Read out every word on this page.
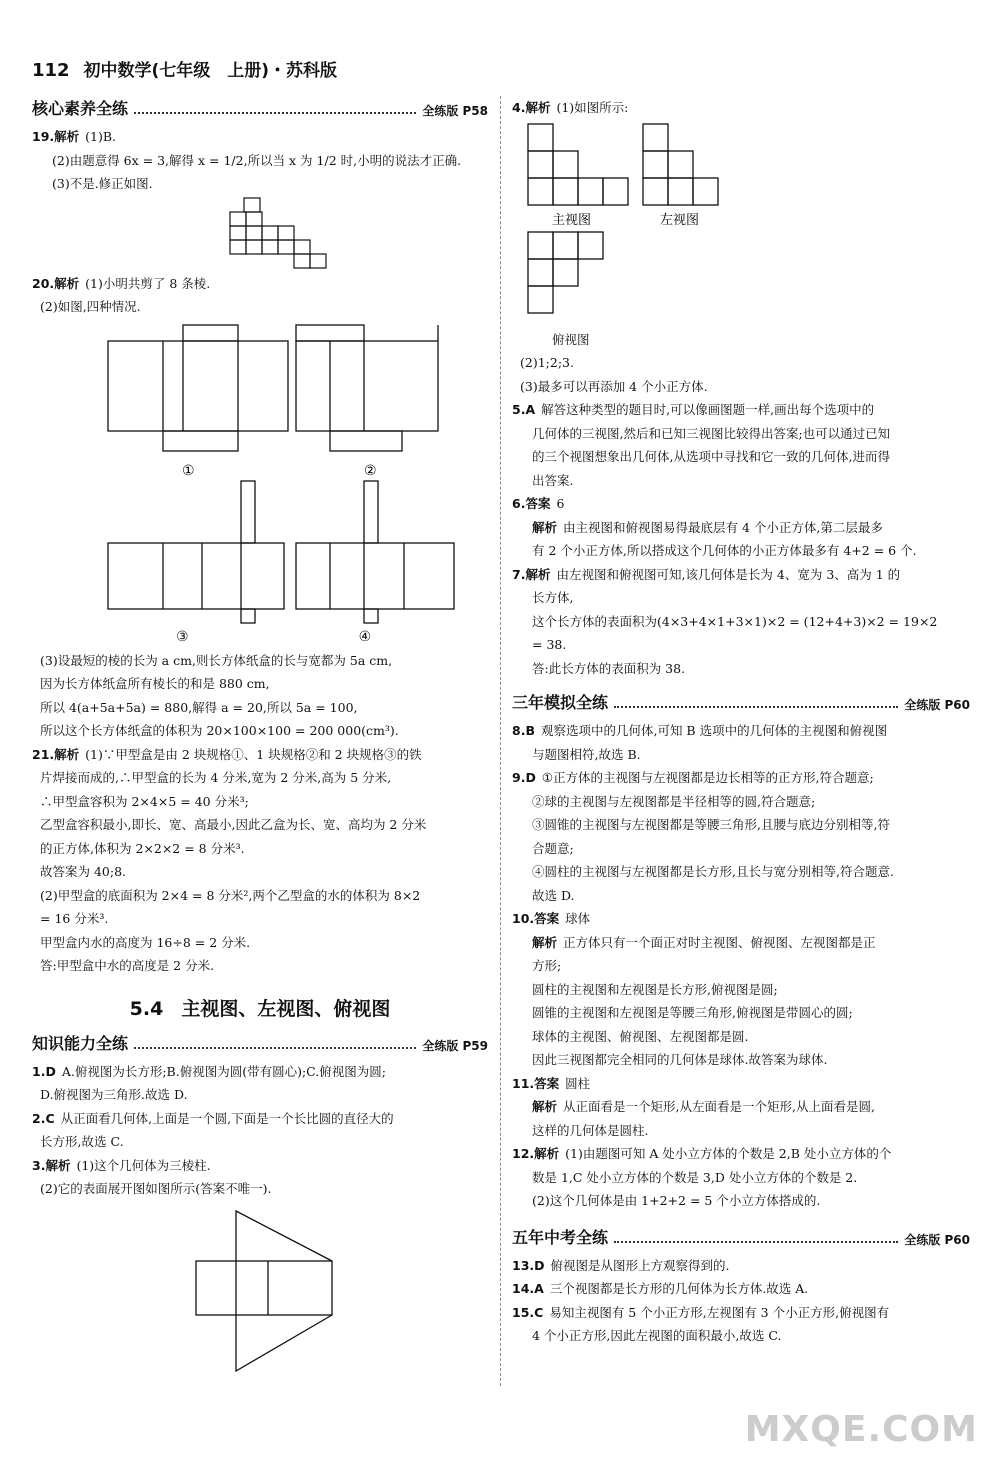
112 初中数学(七年级　上册)・苏科版
核心素养全练	全练版 P58

19.解析 (1)B.

(2)由题意得 6x = 3,解得 x = 1/2,所以当 x 为 1/2 时,小明的说法才正确.

(3)不是.修正如图.

20.解析 (1)小明共剪了 8 条棱.

(2)如图,四种情况.

①	②
③	④

(3)设最短的棱的长为 a cm,则长方体纸盒的长与宽都为 5a cm,

因为长方体纸盒所有棱长的和是 880 cm,

所以 4(a+5a+5a) = 880,解得 a = 20,所以 5a = 100,

所以这个长方体纸盒的体积为 20×100×100 = 200 000(cm³).

21.解析 (1)∵甲型盒是由 2 块规格①、1 块规格②和 2 块规格③的铁

片焊接而成的,∴甲型盒的长为 4 分米,宽为 2 分米,高为 5 分米,

∴甲型盒容积为 2×4×5 = 40 分米³;

乙型盒容积最小,即长、宽、高最小,因此乙盒为长、宽、高均为 2 分米

的正方体,体积为 2×2×2 = 8 分米³.

故答案为 40;8.

(2)甲型盒的底面积为 2×4 = 8 分米²,两个乙型盒的水的体积为 8×2

= 16 分米³.

甲型盒内水的高度为 16÷8 = 2 分米.

答:甲型盒中水的高度是 2 分米.

5.4 主视图、左视图、俯视图
知识能力全练	全练版 P59

1.D A.俯视图为长方形;B.俯视图为圆(带有圆心);C.俯视图为圆;

D.俯视图为三角形.故选 D.

2.C 从正面看几何体,上面是一个圆,下面是一个长比圆的直径大的

长方形,故选 C.

3.解析 (1)这个几何体为三棱柱.

(2)它的表面展开图如图所示(答案不唯一).

4.解析 (1)如图所示:

主视图	左视图

俯视图

(2)1;2;3.

(3)最多可以再添加 4 个小正方体.

5.A 解答这种类型的题目时,可以像画图题一样,画出每个选项中的

几何体的三视图,然后和已知三视图比较得出答案;也可以通过已知

的三个视图想象出几何体,从选项中寻找和它一致的几何体,进而得

出答案.

6.答案 6

解析 由主视图和俯视图易得最底层有 4 个小正方体,第二层最多

有 2 个小正方体,所以搭成这个几何体的小正方体最多有 4+2 = 6 个.

7.解析 由左视图和俯视图可知,该几何体是长为 4、宽为 3、高为 1 的

长方体,

这个长方体的表面积为(4×3+4×1+3×1)×2 = (12+4+3)×2 = 19×2

= 38.

答:此长方体的表面积为 38.

三年模拟全练	全练版 P60

8.B 观察选项中的几何体,可知 B 选项中的几何体的主视图和俯视图

与题图相符,故选 B.

9.D ①正方体的主视图与左视图都是边长相等的正方形,符合题意;

②球的主视图与左视图都是半径相等的圆,符合题意;

③圆锥的主视图与左视图都是等腰三角形,且腰与底边分别相等,符

合题意;

④圆柱的主视图与左视图都是长方形,且长与宽分别相等,符合题意.

故选 D.

10.答案 球体

解析 正方体只有一个面正对时主视图、俯视图、左视图都是正

方形;

圆柱的主视图和左视图是长方形,俯视图是圆;

圆锥的主视图和左视图是等腰三角形,俯视图是带圆心的圆;

球体的主视图、俯视图、左视图都是圆.

因此三视图都完全相同的几何体是球体.故答案为球体.

11.答案 圆柱

解析 从正面看是一个矩形,从左面看是一个矩形,从上面看是圆,

这样的几何体是圆柱.

12.解析 (1)由题图可知 A 处小立方体的个数是 2,B 处小立方体的个

数是 1,C 处小立方体的个数是 3,D 处小立方体的个数是 2.

(2)这个几何体是由 1+2+2 = 5 个小立方体搭成的.

五年中考全练	全练版 P60

13.D 俯视图是从图形上方观察得到的.

14.A 三个视图都是长方形的几何体为长方体.故选 A.

15.C 易知主视图有 5 个小正方形,左视图有 3 个小正方形,俯视图有

4 个小正方形,因此左视图的面积最小,故选 C.

MXQE.COM
